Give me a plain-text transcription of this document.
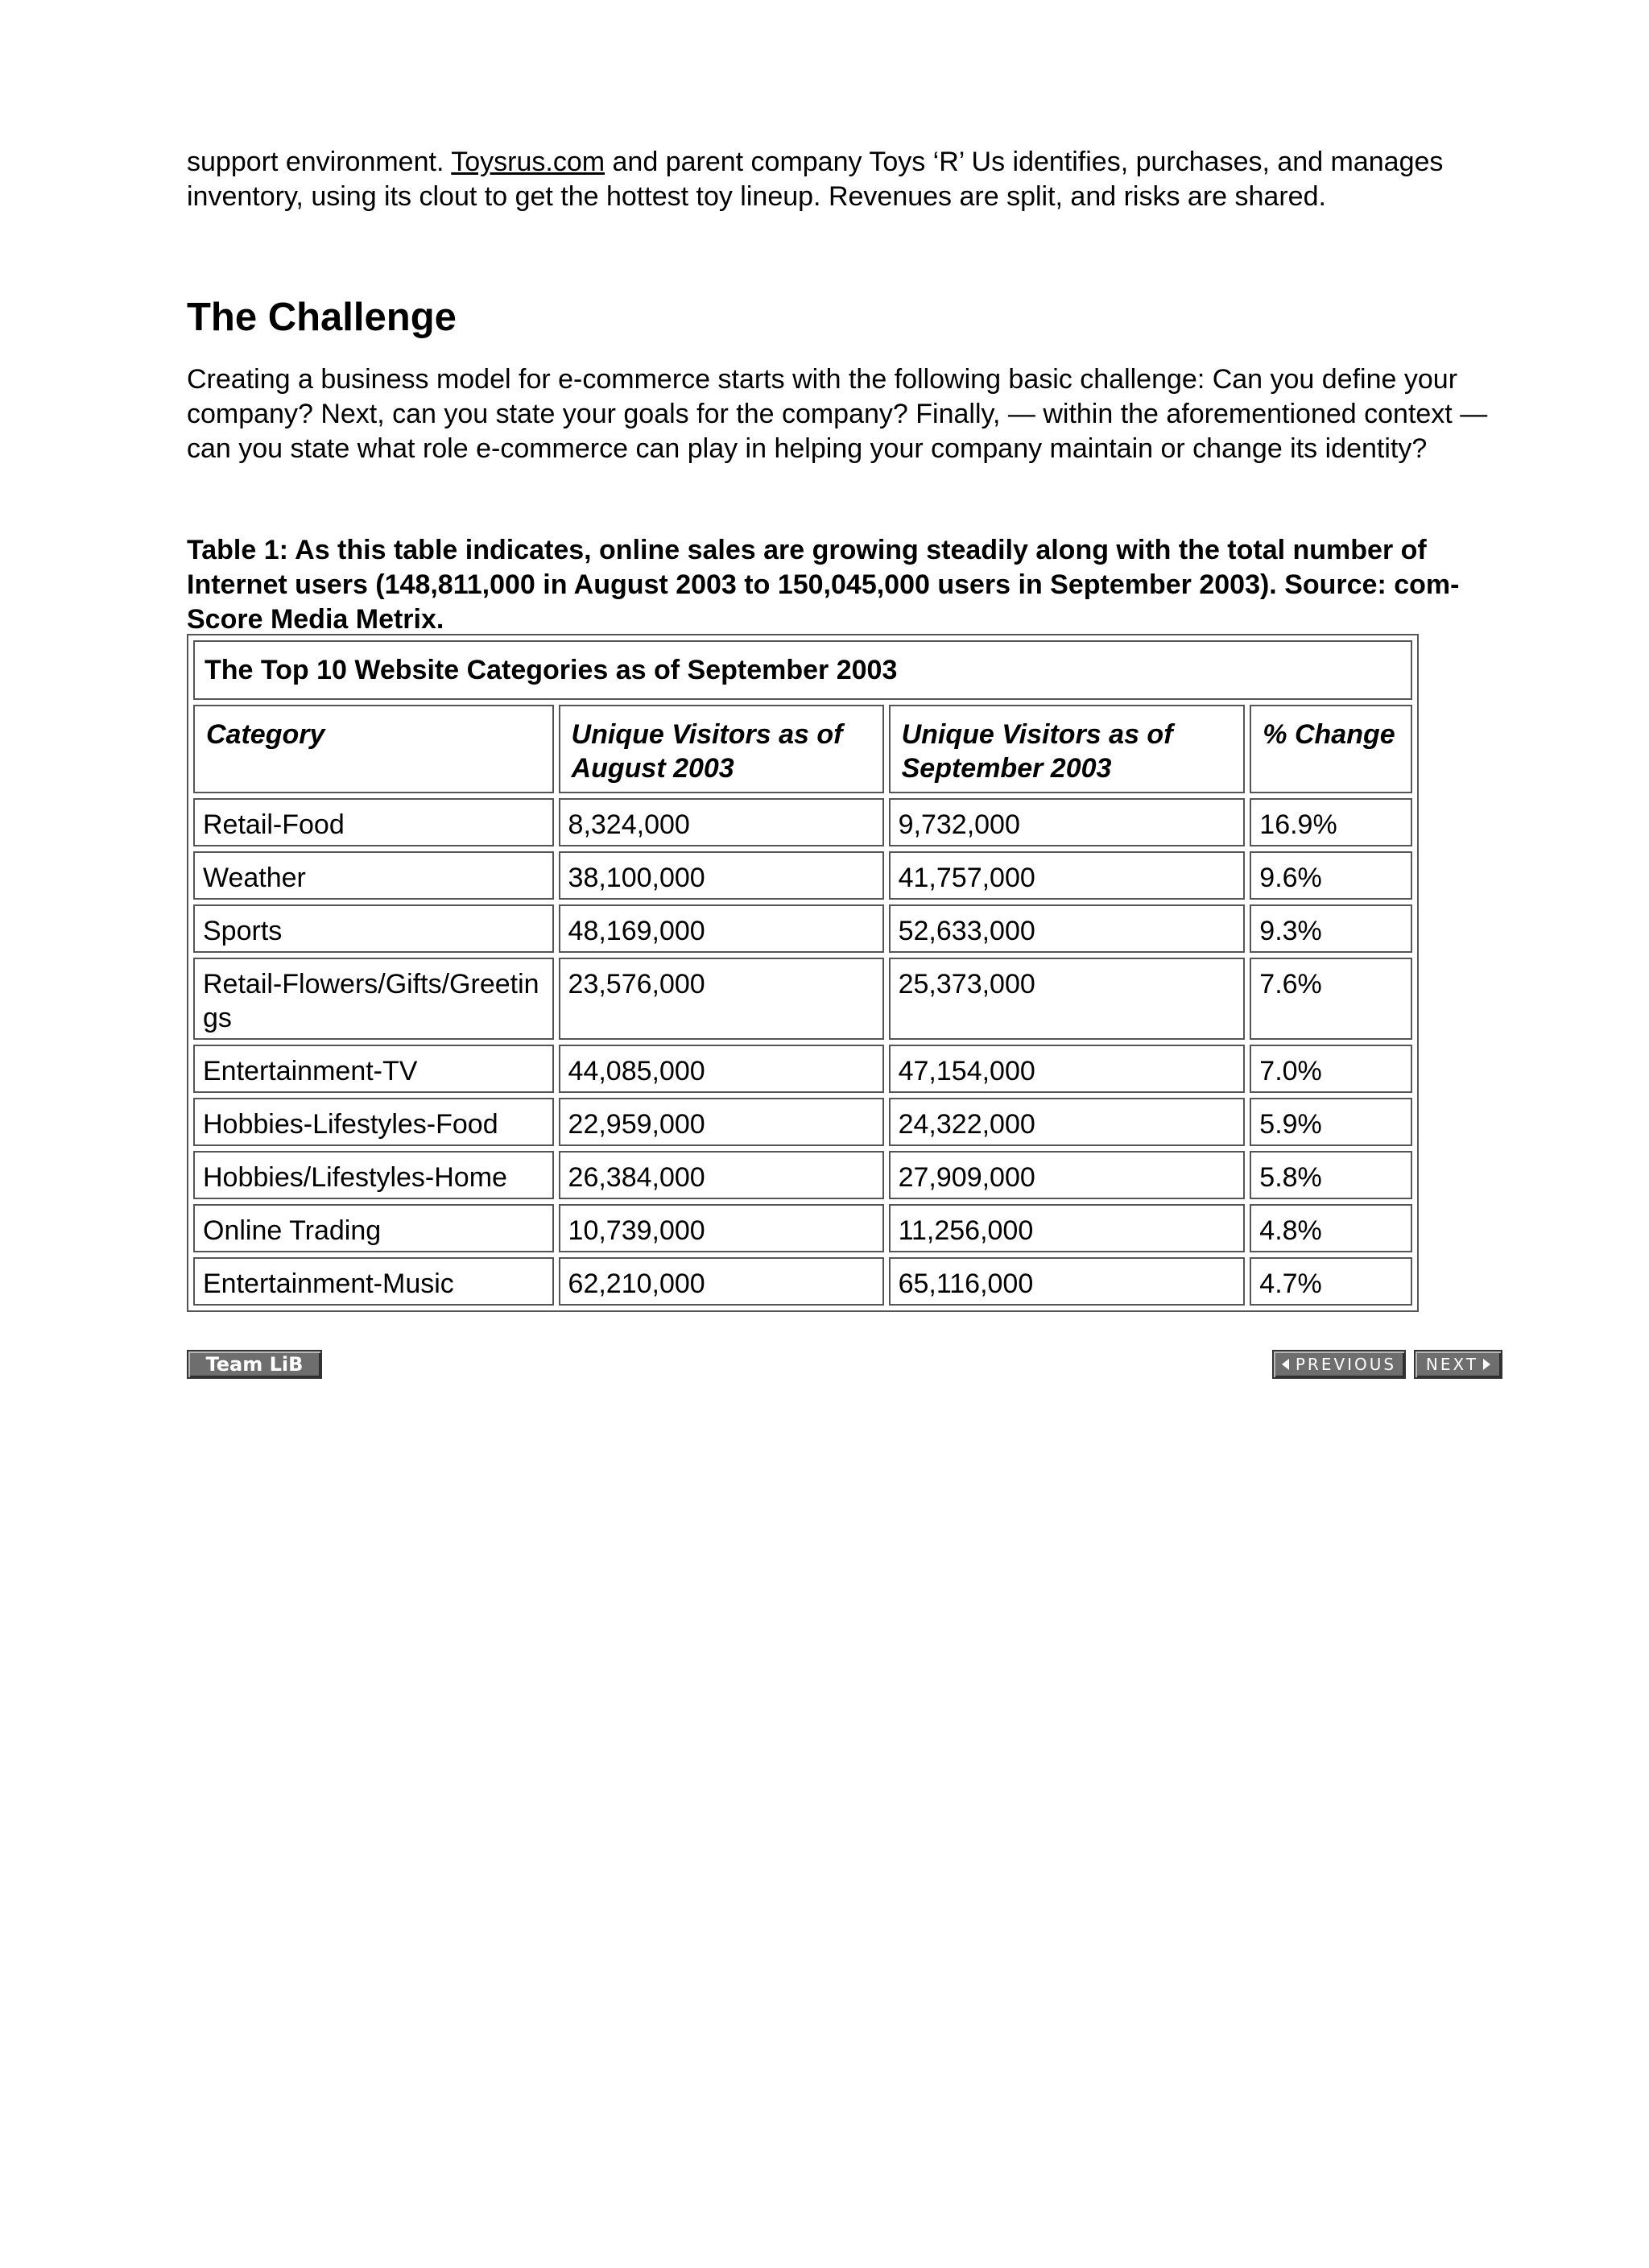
support environment. Toysrus.com and parent company Toys ‘R’ Us identifies, purchases, and manages inventory, using its clout to get the hottest toy lineup. Revenues are split, and risks are shared.

The Challenge

Creating a business model for e-commerce starts with the following basic challenge: Can you define your company? Next, can you state your goals for the company? Finally, — within the aforementioned context — can you state what role e-commerce can play in helping your company maintain or change its identity?

Table 1: As this table indicates, online sales are growing steadily along with the total number of Internet users (148,811,000 in August 2003 to 150,045,000 users in September 2003). Source: com-Score Media Metrix.

The Top 10 Website Categories as of September 2003			
Category	Unique Visitors as of August 2003	Unique Visitors as of September 2003	% Change
Retail-Food	8,324,000	9,732,000	16.9%
Weather	38,100,000	41,757,000	9.6%
Sports	48,169,000	52,633,000	9.3%
Retail-Flowers/Gifts/Greetings	23,576,000	25,373,000	7.6%
Entertainment-TV	44,085,000	47,154,000	7.0%
Hobbies-Lifestyles-Food	22,959,000	24,322,000	5.9%
Hobbies/Lifestyles-Home	26,384,000	27,909,000	5.8%
Online Trading	10,739,000	11,256,000	4.8%
Entertainment-Music	62,210,000	65,116,000	4.7%
Team LiB	PREVIOUS NEXT
